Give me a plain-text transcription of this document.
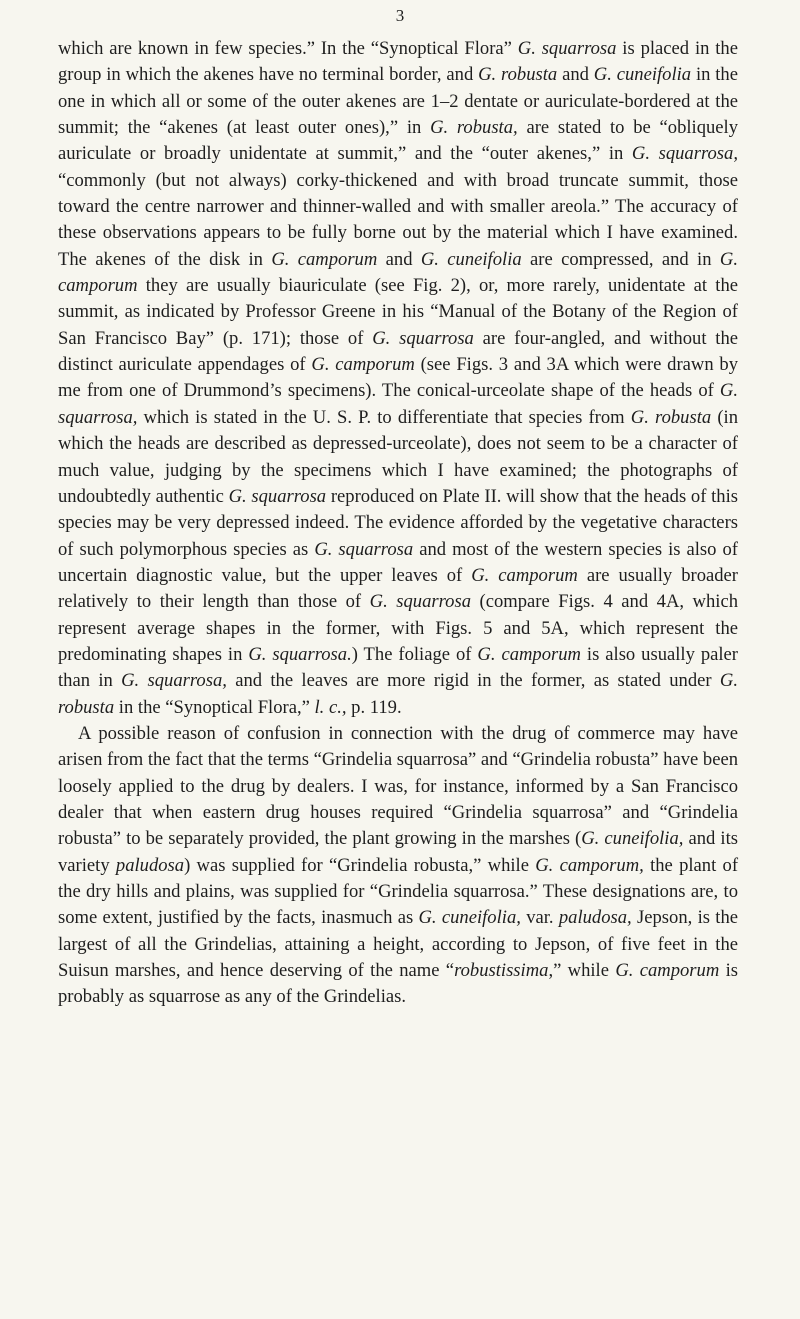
3

which are known in few species.” In the “Synoptical Flora” G. squarrosa is placed in the group in which the akenes have no terminal border, and G. robusta and G. cuneifolia in the one in which all or some of the outer akenes are 1–2 dentate or auriculate-bordered at the summit; the “akenes (at least outer ones),” in G. robusta, are stated to be “obliquely auriculate or broadly unidentate at summit,” and the “outer akenes,” in G. squarrosa, “commonly (but not always) corky-thickened and with broad truncate summit, those toward the centre narrower and thinner-walled and with smaller areola.” The accuracy of these observations appears to be fully borne out by the material which I have examined. The akenes of the disk in G. camporum and G. cuneifolia are compressed, and in G. camporum they are usually biauriculate (see Fig. 2), or, more rarely, unidentate at the summit, as indicated by Professor Greene in his “Manual of the Botany of the Region of San Francisco Bay” (p. 171); those of G. squarrosa are four-angled, and without the distinct auriculate appendages of G. camporum (see Figs. 3 and 3A which were drawn by me from one of Drummond’s specimens). The conical-urceolate shape of the heads of G. squarrosa, which is stated in the U. S. P. to differentiate that species from G. robusta (in which the heads are described as depressed-urceolate), does not seem to be a character of much value, judging by the specimens which I have examined; the photographs of undoubtedly authentic G. squarrosa reproduced on Plate II. will show that the heads of this species may be very depressed indeed. The evidence afforded by the vegetative characters of such polymorphous species as G. squarrosa and most of the western species is also of uncertain diagnostic value, but the upper leaves of G. camporum are usually broader relatively to their length than those of G. squarrosa (compare Figs. 4 and 4A, which represent average shapes in the former, with Figs. 5 and 5A, which represent the predominating shapes in G. squarrosa.) The foliage of G. camporum is also usually paler than in G. squarrosa, and the leaves are more rigid in the former, as stated under G. robusta in the “Synoptical Flora,” l. c., p. 119.

A possible reason of confusion in connection with the drug of commerce may have arisen from the fact that the terms “Grindelia squarrosa” and “Grindelia robusta” have been loosely applied to the drug by dealers. I was, for instance, informed by a San Francisco dealer that when eastern drug houses required “Grindelia squarrosa” and “Grindelia robusta” to be separately provided, the plant growing in the marshes (G. cuneifolia, and its variety paludosa) was supplied for “Grindelia robusta,” while G. camporum, the plant of the dry hills and plains, was supplied for “Grindelia squarrosa.” These designations are, to some extent, justified by the facts, inasmuch as G. cuneifolia, var. paludosa, Jepson, is the largest of all the Grindelias, attaining a height, according to Jepson, of five feet in the Suisun marshes, and hence deserving of the name “robustissima,” while G. camporum is probably as squarrose as any of the Grindelias.
